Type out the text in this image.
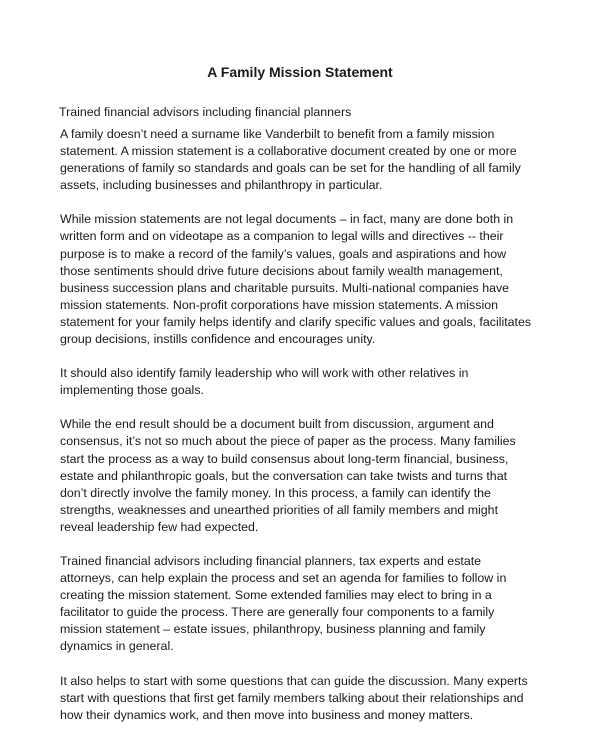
A Family Mission Statement
Trained financial advisors including financial planners

A family doesn’t need a surname like Vanderbilt to benefit from a family mission statement. A mission statement is a collaborative document created by one or more generations of family so standards and goals can be set for the handling of all family assets, including businesses and philanthropy in particular.

While mission statements are not legal documents – in fact, many are done both in written form and on videotape as a companion to legal wills and directives -- their purpose is to make a record of the family’s values, goals and aspirations and how those sentiments should drive future decisions about family wealth management, business succession plans and charitable pursuits. Multi-national companies have mission statements. Non-profit corporations have mission statements. A mission statement for your family helps identify and clarify specific values and goals, facilitates group decisions, instills confidence and encourages unity.

It should also identify family leadership who will work with other relatives in implementing those goals.

While the end result should be a document built from discussion, argument and consensus, it’s not so much about the piece of paper as the process. Many families start the process as a way to build consensus about long-term financial, business, estate and philanthropic goals, but the conversation can take twists and turns that don’t directly involve the family money. In this process, a family can identify the strengths, weaknesses and unearthed priorities of all family members and might reveal leadership few had expected.

Trained financial advisors including financial planners, tax experts and estate attorneys, can help explain the process and set an agenda for families to follow in creating the mission statement. Some extended families may elect to bring in a facilitator to guide the process. There are generally four components to a family mission statement – estate issues, philanthropy, business planning and family dynamics in general.

It also helps to start with some questions that can guide the discussion. Many experts start with questions that first get family members talking about their relationships and how their dynamics work, and then move into business and money matters.
